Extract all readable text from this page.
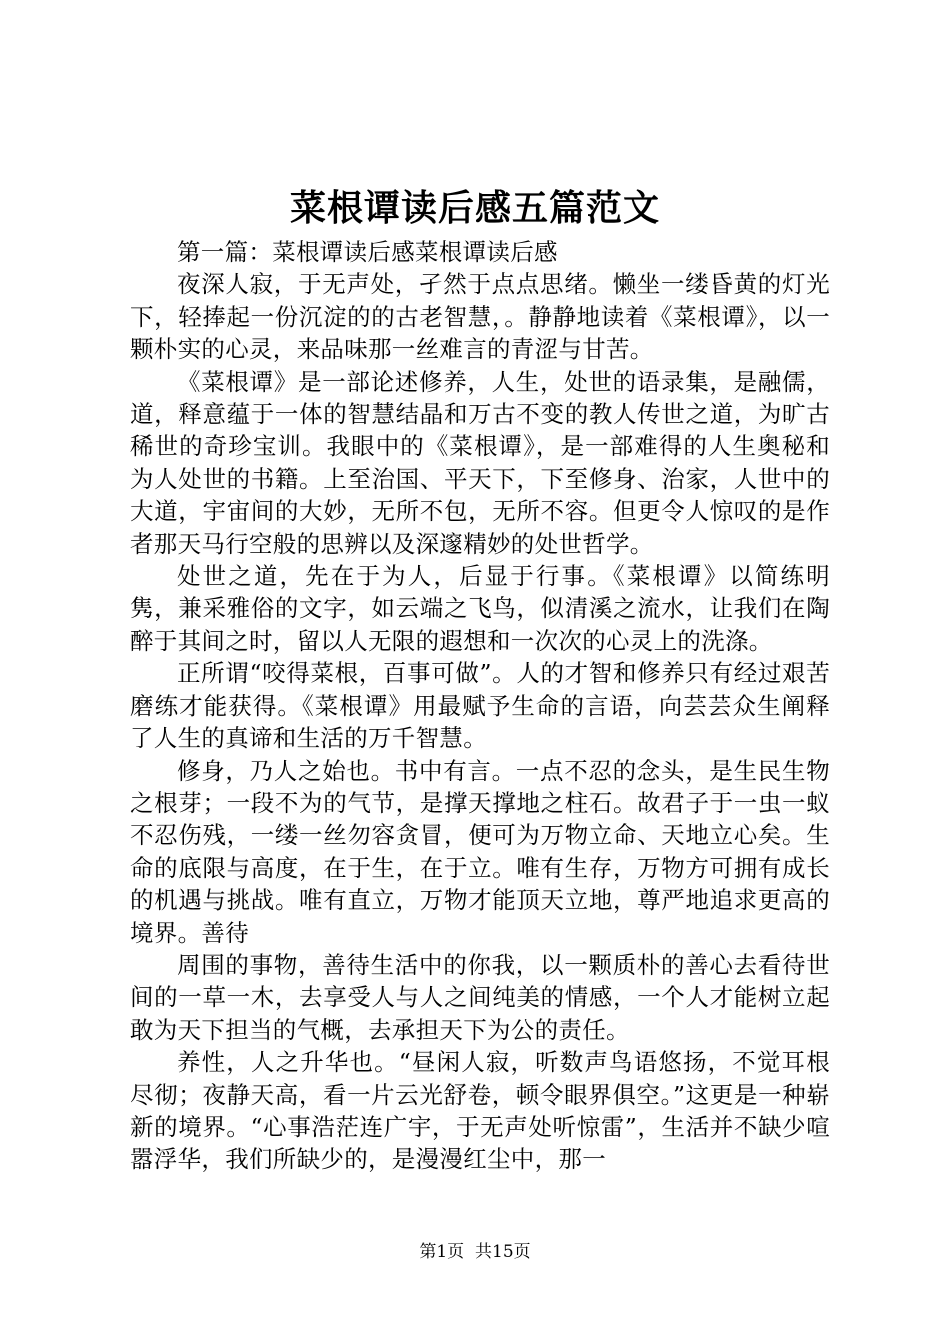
菜根谭读后感五篇范文

第一篇：菜根谭读后感菜根谭读后感

夜深人寂，于无声处，孑然于点点思绪。懒坐一缕昏黄的灯光下，轻捧起一份沉淀的的古老智慧，。静静地读着《菜根谭》，以一颗朴实的心灵，来品味那一丝难言的青涩与甘苦。

《菜根谭》是一部论述修养，人生，处世的语录集，是融儒，道，释意蕴于一体的智慧结晶和万古不变的教人传世之道，为旷古稀世的奇珍宝训。我眼中的《菜根谭》，是一部难得的人生奥秘和为人处世的书籍。上至治国、平天下，下至修身、治家，人世中的大道，宇宙间的大妙，无所不包，无所不容。但更令人惊叹的是作者那天马行空般的思辨以及深邃精妙的处世哲学。

处世之道，先在于为人，后显于行事。《菜根谭》以简练明隽，兼采雅俗的文字，如云端之飞鸟，似清溪之流水，让我们在陶醉于其间之时，留以人无限的遐想和一次次的心灵上的洗涤。

正所谓“咬得菜根，百事可做”。人的才智和修养只有经过艰苦磨练才能获得。《菜根谭》用最赋予生命的言语，向芸芸众生阐释了人生的真谛和生活的万千智慧。

修身，乃人之始也。书中有言。一点不忍的念头，是生民生物之根芽；一段不为的气节，是撑天撑地之柱石。故君子于一虫一蚁不忍伤残，一缕一丝勿容贪冒，便可为万物立命、天地立心矣。生命的底限与高度，在于生，在于立。唯有生存，万物方可拥有成长的机遇与挑战。唯有直立，万物才能顶天立地，尊严地追求更高的境界。善待

周围的事物，善待生活中的你我，以一颗质朴的善心去看待世间的一草一木，去享受人与人之间纯美的情感，一个人才能树立起敢为天下担当的气概，去承担天下为公的责任。

养性，人之升华也。“昼闲人寂，听数声鸟语悠扬，不觉耳根尽彻；夜静天高，看一片云光舒卷，顿令眼界俱空。”这更是一种崭新的境界。“心事浩茫连广宇，于无声处听惊雷”，生活并不缺少喧嚣浮华，我们所缺少的，是漫漫红尘中，那一

第1页 共15页
